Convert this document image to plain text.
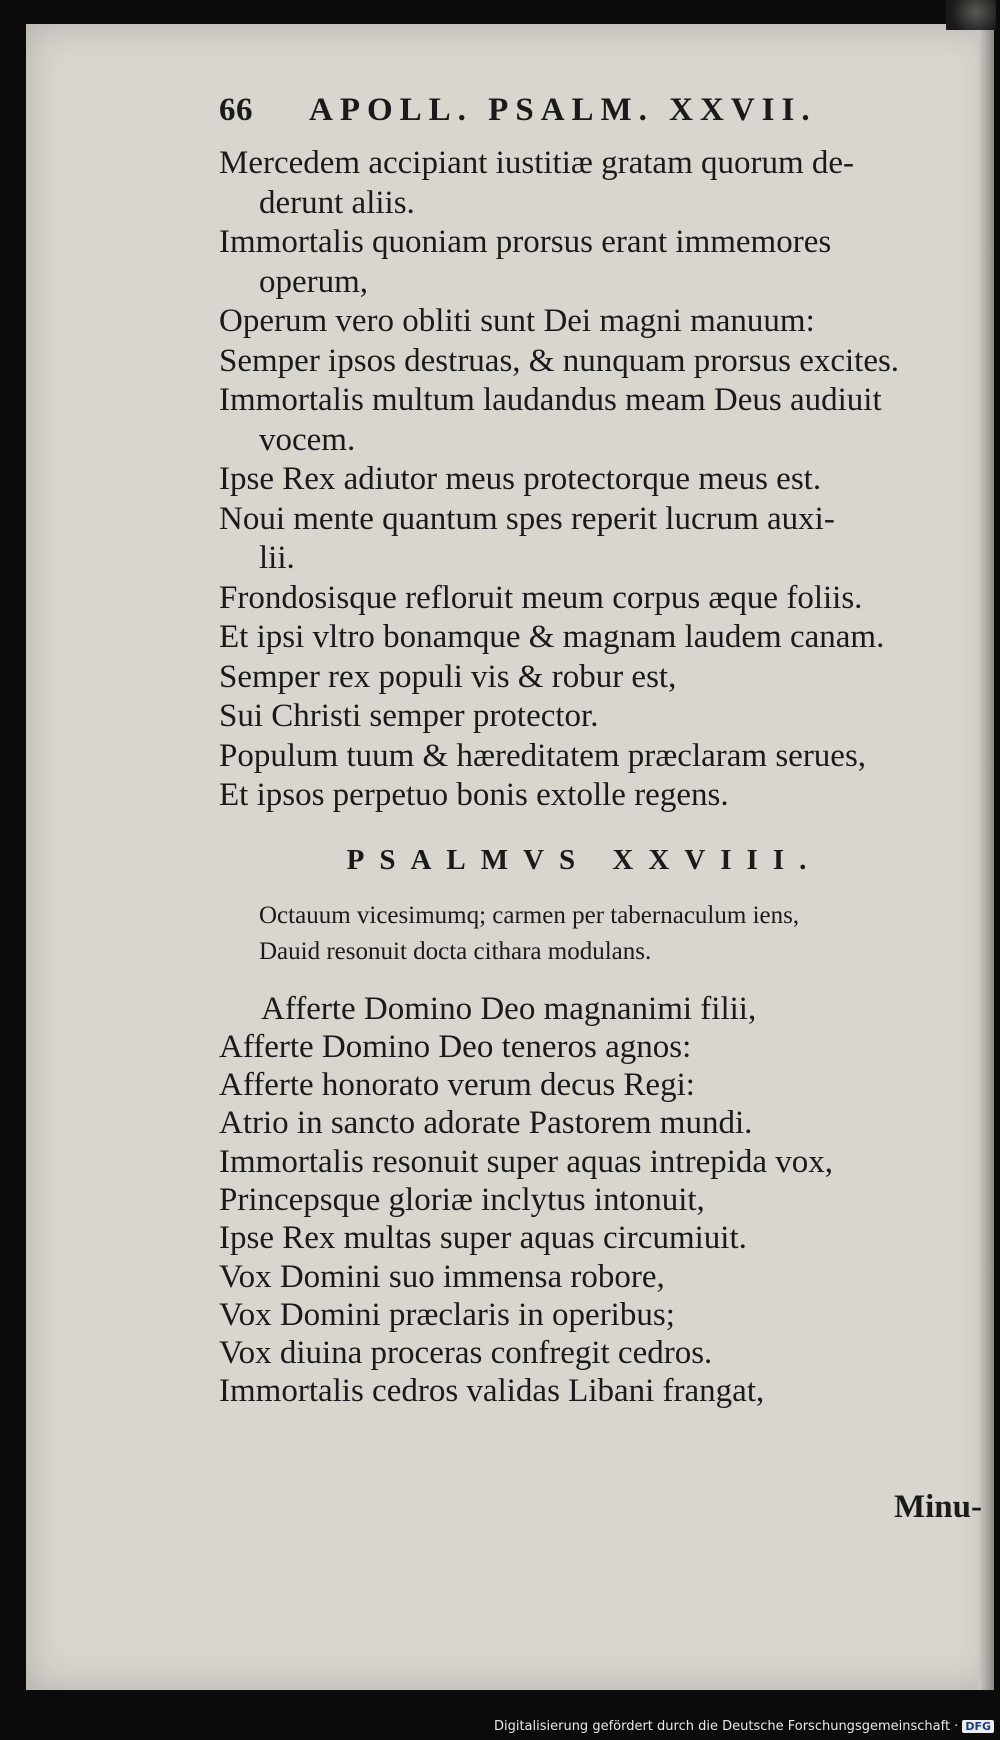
66	APOLL. PSALM. XXVII.
Mercedem accipiant iustitiæ gratam quorum de-
derunt aliis.
Immortalis quoniam prorsus erant immemores
operum,
Operum vero obliti sunt Dei magni manuum:
Semper ipsos destruas, & nunquam prorsus excites.
Immortalis multum laudandus meam Deus audiuit
vocem.
Ipse Rex adiutor meus protectorque meus est.
Noui mente quantum spes reperit lucrum auxi-
lii.
Frondosisque refloruit meum corpus æque foliis.
Et ipsi vltro bonamque & magnam laudem canam.
Semper rex populi vis & robur est,
Sui Christi semper protector.
Populum tuum & hæreditatem præclaram serues,
Et ipsos perpetuo bonis extolle regens.
PSALMVS XXVIII.
Octauum vicesimumq; carmen per tabernaculum iens,
Dauid resonuit docta cithara modulans.
Afferte Domino Deo magnanimi filii,
Afferte Domino Deo teneros agnos:
Afferte honorato verum decus Regi:
Atrio in sancto adorate Pastorem mundi.
Immortalis resonuit super aquas intrepida vox,
Princepsque gloriæ inclytus intonuit,
Ipse Rex multas super aquas circumiuit.
Vox Domini suo immensa robore,
Vox Domini præclaris in operibus;
Vox diuina proceras confregit cedros.
Immortalis cedros validas Libani frangat,
Minu-
Digitalisierung gefördert durch die Deutsche Forschungsgemeinschaft · DFG
